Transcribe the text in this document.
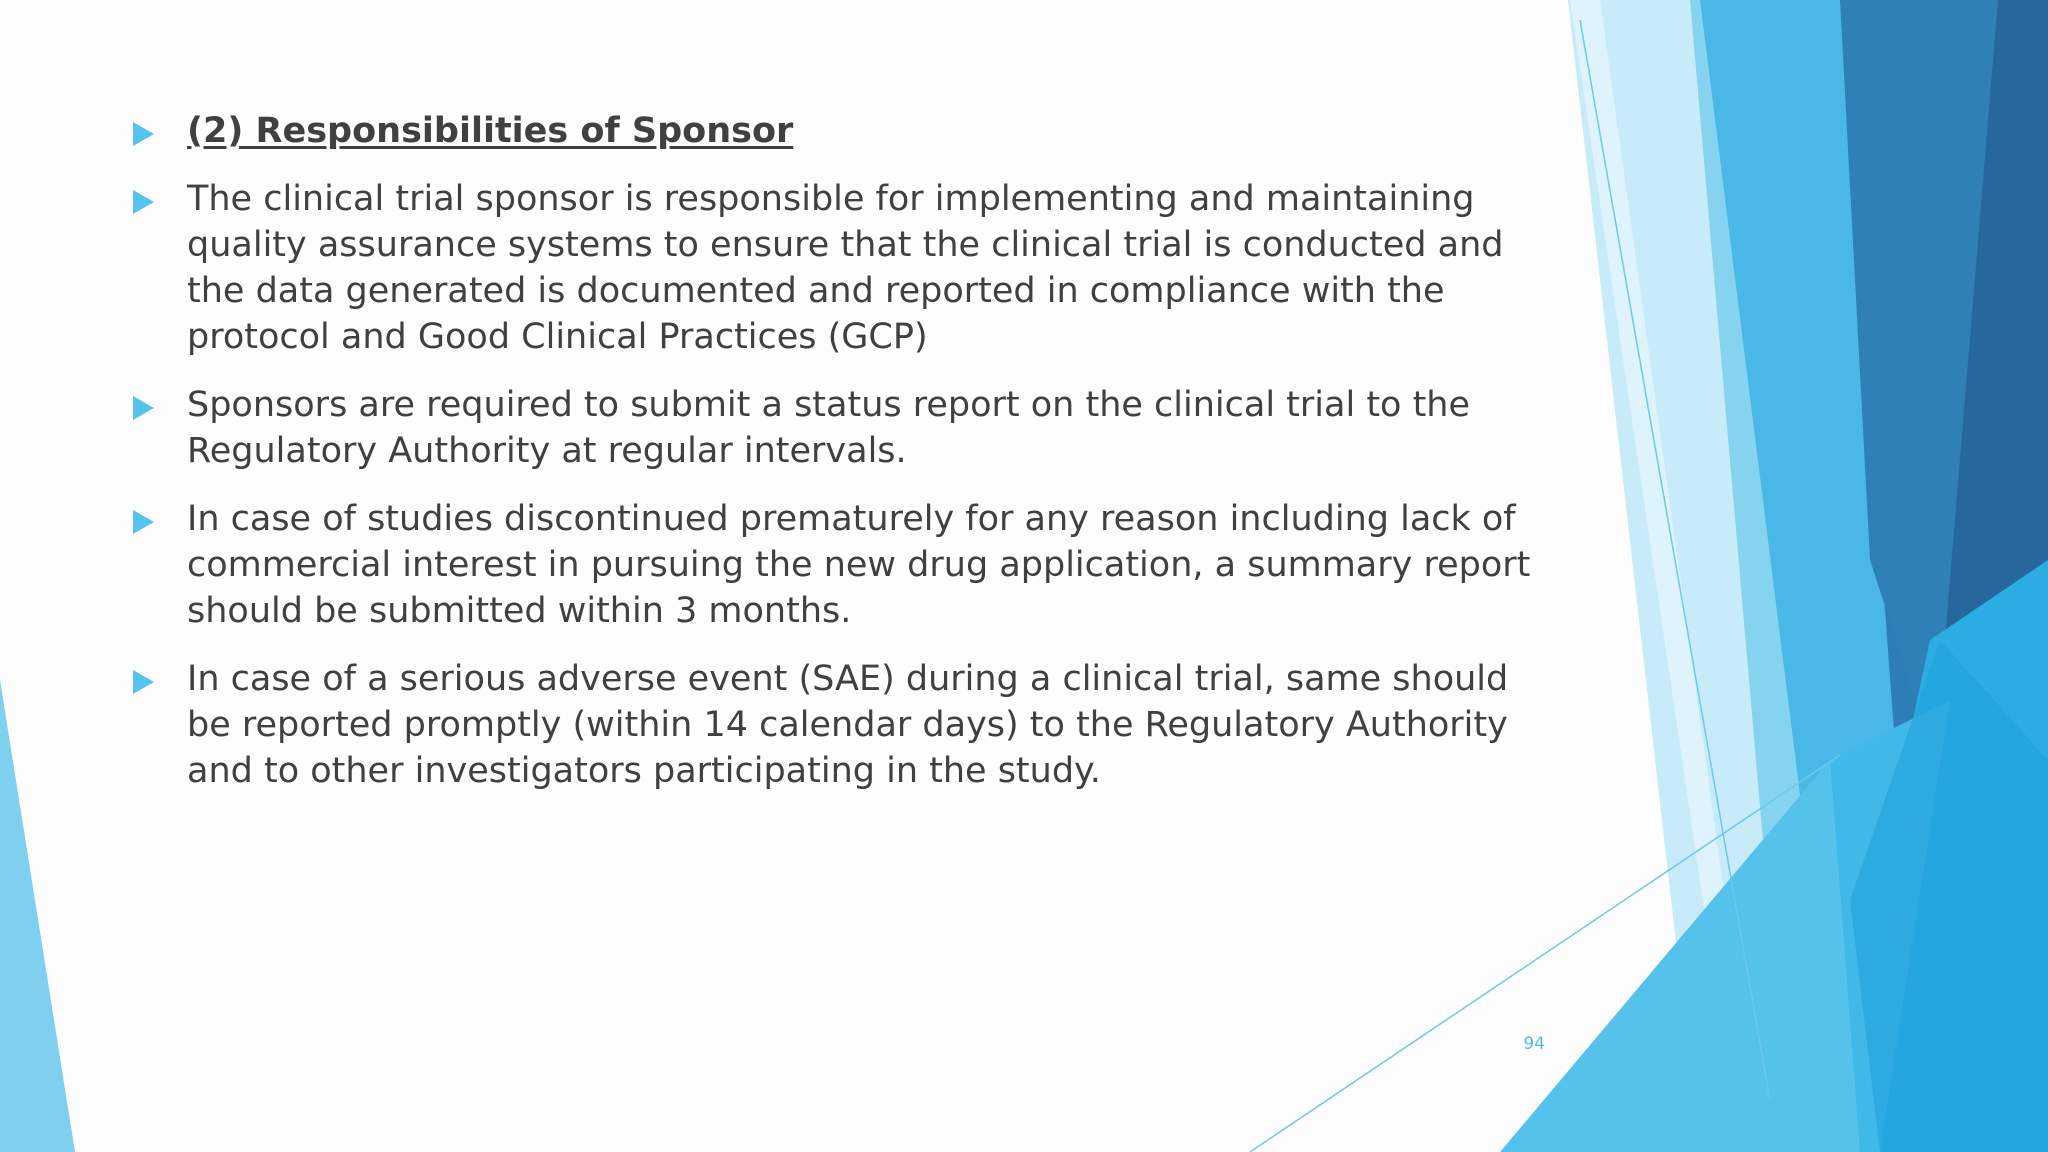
(2) Responsibilities of Sponsor

The clinical trial sponsor is responsible for implementing and maintaining quality assurance systems to ensure that the clinical trial is conducted and the data generated is documented and reported in compliance with the protocol and Good Clinical Practices (GCP)

Sponsors are required to submit a status report on the clinical trial to the Regulatory Authority at regular intervals.

In case of studies discontinued prematurely for any reason including lack of commercial interest in pursuing the new drug application, a summary report should be submitted within 3 months.

In case of a serious adverse event (SAE) during a clinical trial, same should be reported promptly (within 14 calendar days) to the Regulatory Authority and to other investigators participating in the study.

94
